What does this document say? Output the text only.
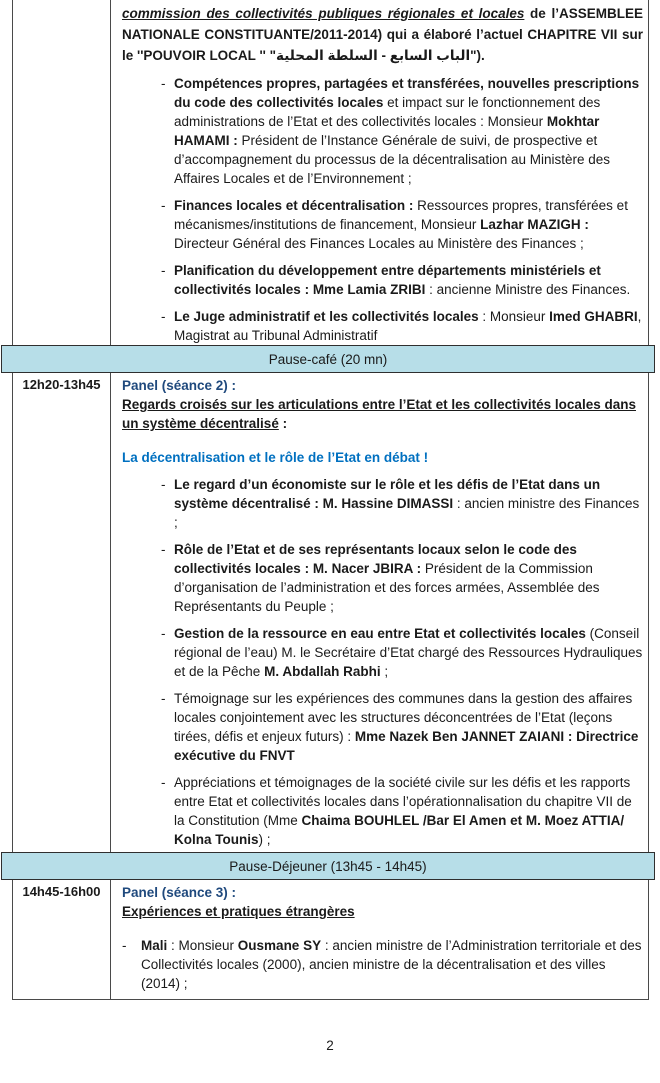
commission des collectivités publiques régionales et locales de l’ASSEMBLEE NATIONALE CONSTITUANTE/2011-2014) qui a élaboré l’actuel CHAPITRE VII sur le ''POUVOIR LOCAL '' "الباب السابع - السلطة المحلية").
- Compétences propres, partagées et transférées, nouvelles prescriptions du code des collectivités locales et impact sur le fonctionnement des administrations de l’Etat et des collectivités locales : Monsieur Mokhtar HAMAMI : Président de l’Instance Générale de suivi, de prospective et d’accompagnement du processus de la décentralisation au Ministère des Affaires Locales et de l’Environnement ;
- Finances locales et décentralisation : Ressources propres, transférées et mécanismes/institutions de financement, Monsieur Lazhar MAZIGH : Directeur Général des Finances Locales au Ministère des Finances ;
- Planification du développement entre départements ministériels et collectivités locales : Mme Lamia ZRIBI : ancienne Ministre des Finances.
- Le Juge administratif et les collectivités locales : Monsieur Imed GHABRI, Magistrat au Tribunal Administratif
Pause-café (20 mn)
12h20-13h45	Panel (séance 2) :
Regards croisés sur les articulations entre l’Etat et les collectivités locales dans un système décentralisé :
La décentralisation et le rôle de l’Etat en débat !
- Le regard d’un économiste sur le rôle et les défis de l’Etat dans un système décentralisé : M. Hassine DIMASSI : ancien ministre des Finances ;
- Rôle de l’Etat et de ses représentants locaux selon le code des collectivités locales : M. Nacer JBIRA : Président de la Commission d’organisation de l’administration et des forces armées, Assemblée des Représentants du Peuple ;
- Gestion de la ressource en eau entre Etat et collectivités locales (Conseil régional de l’eau) M. le Secrétaire d’Etat chargé des Ressources Hydrauliques et de la Pêche M. Abdallah Rabhi ;
- Témoignage sur les expériences des communes dans la gestion des affaires locales conjointement avec les structures déconcentrées de l’Etat (leçons tirées, défis et enjeux futurs) : Mme Nazek Ben JANNET ZAIANI : Directrice exécutive du FNVT
- Appréciations et témoignages de la société civile sur les défis et les rapports entre Etat et collectivités locales dans l’opérationnalisation du chapitre VII de la Constitution (Mme Chaima BOUHLEL /Bar El Amen et M. Moez ATTIA/ Kolna Tounis) ;
Pause-Déjeuner (13h45 - 14h45)
14h45-16h00	Panel (séance 3) :
Expériences et pratiques étrangères
-	Mali : Monsieur Ousmane SY : ancien ministre de l’Administration territoriale et des Collectivités locales (2000), ancien ministre de la décentralisation et des villes (2014) ;
2
